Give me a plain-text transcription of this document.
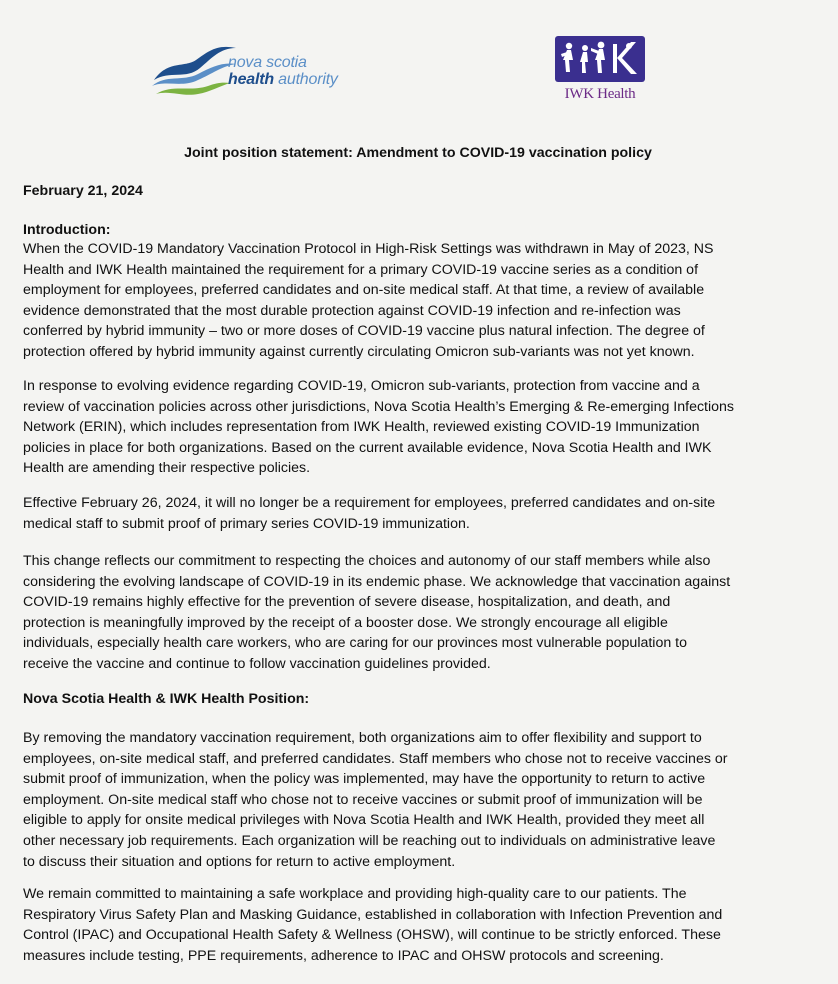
nova scotia
health authority
IWK Health
Joint position statement: Amendment to COVID-19 vaccination policy
February 21, 2024
Introduction:
When the COVID-19 Mandatory Vaccination Protocol in High-Risk Settings was withdrawn in May of 2023, NS
Health and IWK Health maintained the requirement for a primary COVID-19 vaccine series as a condition of
employment for employees, preferred candidates and on-site medical staff. At that time, a review of available
evidence demonstrated that the most durable protection against COVID-19 infection and re-infection was
conferred by hybrid immunity – two or more doses of COVID-19 vaccine plus natural infection. The degree of
protection offered by hybrid immunity against currently circulating Omicron sub-variants was not yet known.
In response to evolving evidence regarding COVID-19, Omicron sub-variants, protection from vaccine and a
review of vaccination policies across other jurisdictions, Nova Scotia Health’s Emerging & Re-emerging Infections
Network (ERIN), which includes representation from IWK Health, reviewed existing COVID-19 Immunization
policies in place for both organizations. Based on the current available evidence, Nova Scotia Health and IWK
Health are amending their respective policies.
Effective February 26, 2024, it will no longer be a requirement for employees, preferred candidates and on-site
medical staff to submit proof of primary series COVID-19 immunization.
This change reflects our commitment to respecting the choices and autonomy of our staff members while also
considering the evolving landscape of COVID-19 in its endemic phase. We acknowledge that vaccination against
COVID-19 remains highly effective for the prevention of severe disease, hospitalization, and death, and
protection is meaningfully improved by the receipt of a booster dose. We strongly encourage all eligible
individuals, especially health care workers, who are caring for our provinces most vulnerable population to
receive the vaccine and continue to follow vaccination guidelines provided.
Nova Scotia Health & IWK Health Position:
By removing the mandatory vaccination requirement, both organizations aim to offer flexibility and support to
employees, on-site medical staff, and preferred candidates. Staff members who chose not to receive vaccines or
submit proof of immunization, when the policy was implemented, may have the opportunity to return to active
employment. On-site medical staff who chose not to receive vaccines or submit proof of immunization will be
eligible to apply for onsite medical privileges with Nova Scotia Health and IWK Health, provided they meet all
other necessary job requirements. Each organization will be reaching out to individuals on administrative leave
to discuss their situation and options for return to active employment.
We remain committed to maintaining a safe workplace and providing high-quality care to our patients. The
Respiratory Virus Safety Plan and Masking Guidance, established in collaboration with Infection Prevention and
Control (IPAC) and Occupational Health Safety & Wellness (OHSW), will continue to be strictly enforced. These
measures include testing, PPE requirements, adherence to IPAC and OHSW protocols and screening.
